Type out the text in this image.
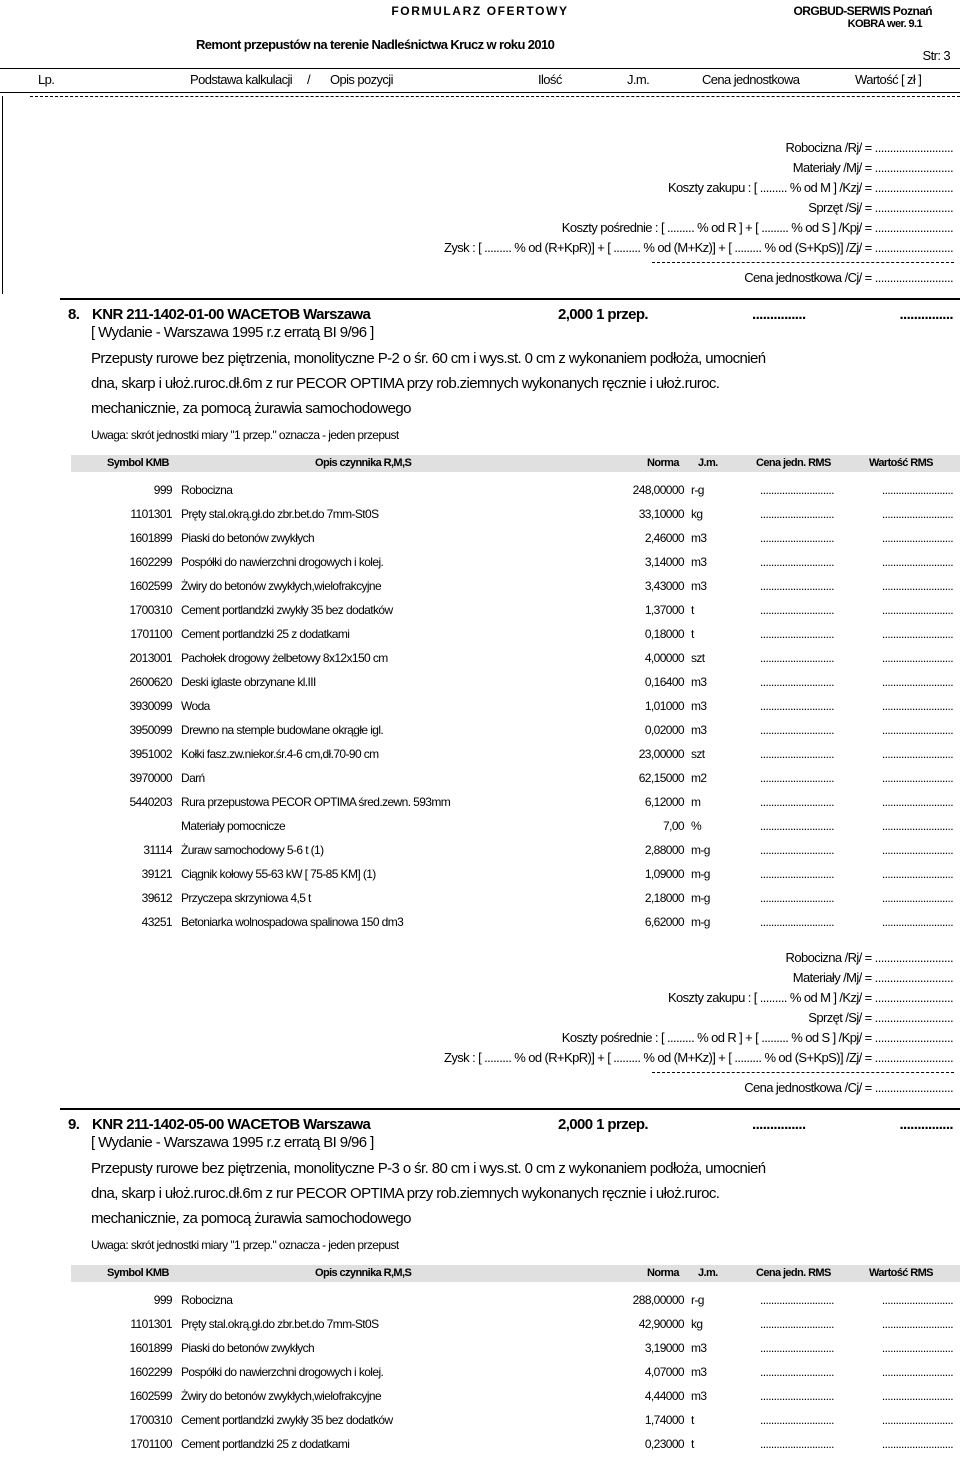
FORMULARZ OFERTOWY	ORGBUD-SERWIS Poznań
KOBRA wer. 9.1
Remont przepustów na terenie Nadleśnictwa Krucz w roku 2010
Str: 3
Lp.	Podstawa kalkulacji / Opis pozycji	Ilość	J.m.	Cena jednostkowa	Wartość [ zł ]
Robocizna /Rj/ = ..........................
Materiały /Mj/ = ..........................
Koszty zakupu : [ ......... % od M ] /Kzj/ = ..........................
Sprzęt /Sj/ = ..........................
Koszty pośrednie : [ ......... % od R ] + [ ......... % od S ] /Kpj/ = ..........................
Zysk : [ ......... % od (R+KpR)] + [ ......... % od (M+Kz)] + [ ......... % od (S+KpS)] /Zj/ = ..........................
Cena jednostkowa /Cj/ = ..........................
8. KNR 211-1402-01-00 WACETOB Warszawa	2,000 1 przep.	...............	...............
[ Wydanie - Warszawa 1995 r.z erratą BI 9/96 ]
Przepusty rurowe bez piętrzenia, monolityczne P-2 o śr. 60 cm i wys.st. 0 cm z wykonaniem podłoża, umocnień
dna, skarp i ułoż.ruroc.dł.6m z rur PECOR OPTIMA przy rob.ziemnych wykonanych ręcznie i ułoż.ruroc.
mechanicznie, za pomocą żurawia samochodowego
Uwaga: skrót jednostki miary "1 przep." oznacza - jeden przepust
Symbol KMB	Opis czynnika R,M,S	Norma J.m.	Cena jedn. RMS	Wartość RMS
999 Robocizna	248,00000 r-g	...........................	..........................
1101301 Pręty stal.okrą.gł.do zbr.bet.do 7mm-St0S	33,10000 kg	...........................	..........................
1601899 Piaski do betonów zwykłych	2,46000 m3	...........................	..........................
1602299 Pospółki do nawierzchni drogowych i kolej.	3,14000 m3	...........................	..........................
1602599 Żwiry do betonów zwykłych,wielofrakcyjne	3,43000 m3	...........................	..........................
1700310 Cement portlandzki zwykły 35 bez dodatków	1,37000 t	...........................	..........................
1701100 Cement portlandzki 25 z dodatkami	0,18000 t	...........................	..........................
2013001 Pachołek drogowy żelbetowy 8x12x150 cm	4,00000 szt	...........................	..........................
2600620 Deski iglaste obrzynane kl.III	0,16400 m3	...........................	..........................
3930099 Woda	1,01000 m3	...........................	..........................
3950099 Drewno na stemple budowlane okrągłe igl.	0,02000 m3	...........................	..........................
3951002 Kołki fasz.zw.niekor.śr.4-6 cm,dł.70-90 cm	23,00000 szt	...........................	..........................
3970000 Darń	62,15000 m2	...........................	..........................
5440203 Rura przepustowa PECOR OPTIMA śred.zewn. 593mm	6,12000 m	...........................	..........................
Materiały pomocnicze	7,00 %	...........................	..........................
31114 Żuraw samochodowy 5-6 t (1)	2,88000 m-g	...........................	..........................
39121 Ciągnik kołowy 55-63 kW [ 75-85 KM] (1)	1,09000 m-g	...........................	..........................
39612 Przyczepa skrzyniowa 4,5 t	2,18000 m-g	...........................	..........................
43251 Betoniarka wolnospadowa spalinowa 150 dm3	6,62000 m-g	...........................	..........................
Robocizna /Rj/ = ..........................
Materiały /Mj/ = ..........................
Koszty zakupu : [ ......... % od M ] /Kzj/ = ..........................
Sprzęt /Sj/ = ..........................
Koszty pośrednie : [ ......... % od R ] + [ ......... % od S ] /Kpj/ = ..........................
Zysk : [ ......... % od (R+KpR)] + [ ......... % od (M+Kz)] + [ ......... % od (S+KpS)] /Zj/ = ..........................
Cena jednostkowa /Cj/ = ..........................
9. KNR 211-1402-05-00 WACETOB Warszawa	2,000 1 przep.	...............	...............
[ Wydanie - Warszawa 1995 r.z erratą BI 9/96 ]
Przepusty rurowe bez piętrzenia, monolityczne P-3 o śr. 80 cm i wys.st. 0 cm z wykonaniem podłoża, umocnień
dna, skarp i ułoż.ruroc.dł.6m z rur PECOR OPTIMA przy rob.ziemnych wykonanych ręcznie i ułoż.ruroc.
mechanicznie, za pomocą żurawia samochodowego
Uwaga: skrót jednostki miary "1 przep." oznacza - jeden przepust
Symbol KMB	Opis czynnika R,M,S	Norma J.m.	Cena jedn. RMS	Wartość RMS
999 Robocizna	288,00000 r-g	...........................	..........................
1101301 Pręty stal.okrą.gł.do zbr.bet.do 7mm-St0S	42,90000 kg	...........................	..........................
1601899 Piaski do betonów zwykłych	3,19000 m3	...........................	..........................
1602299 Pospółki do nawierzchni drogowych i kolej.	4,07000 m3	...........................	..........................
1602599 Żwiry do betonów zwykłych,wielofrakcyjne	4,44000 m3	...........................	..........................
1700310 Cement portlandzki zwykły 35 bez dodatków	1,74000 t	...........................	..........................
1701100 Cement portlandzki 25 z dodatkami	0,23000 t	...........................	..........................
